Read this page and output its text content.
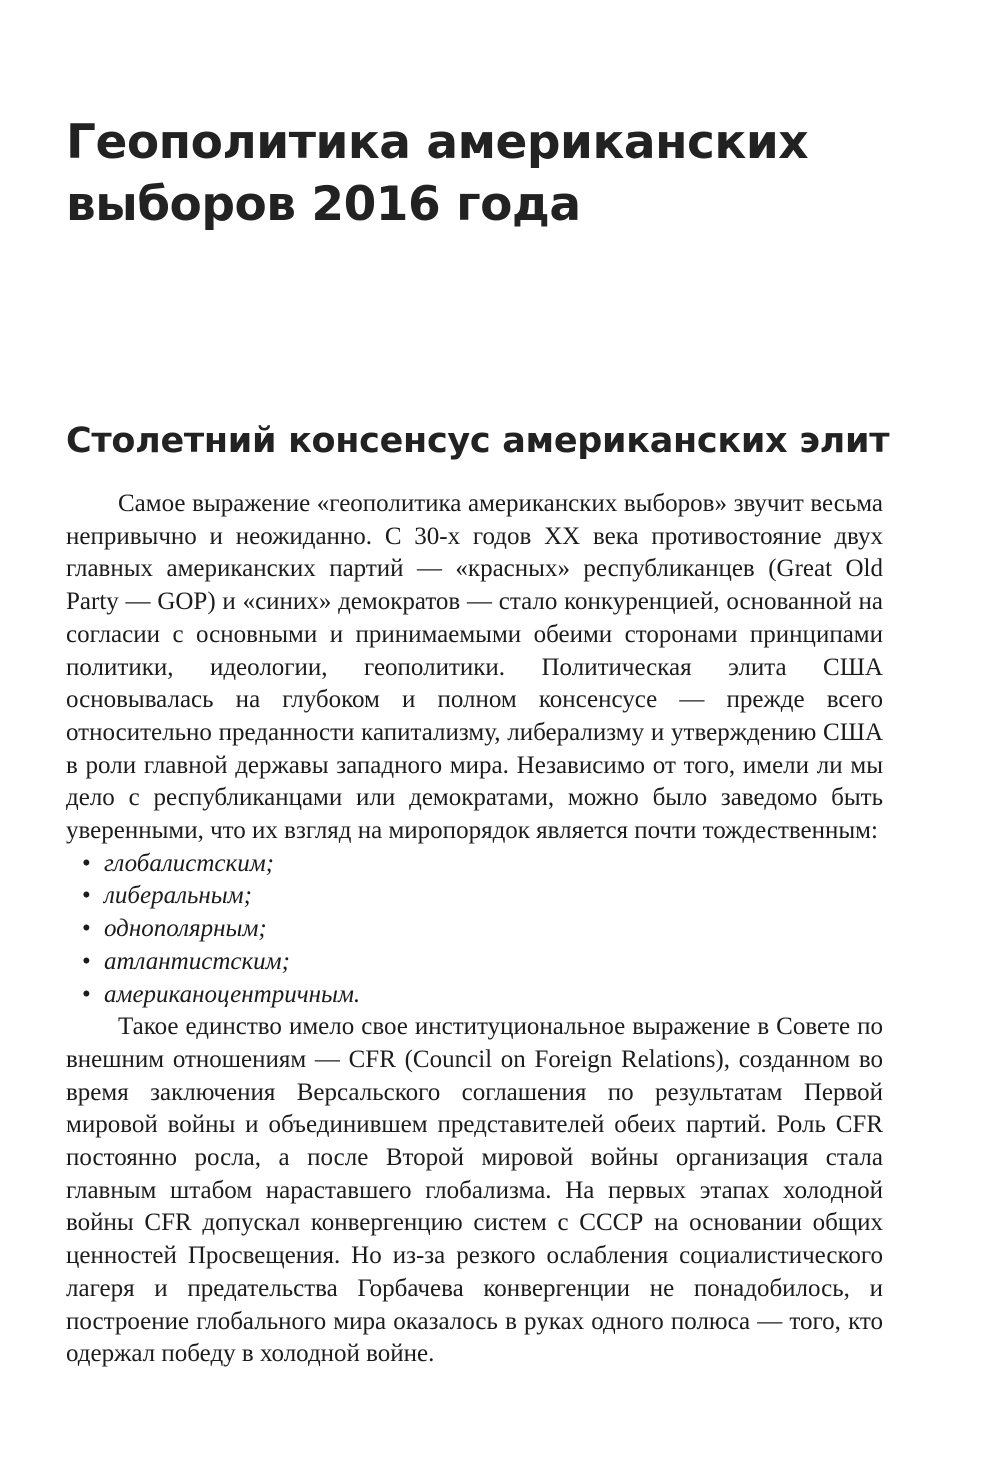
Геополитика американских
выборов 2016 года
Столетний консенсус американских элит

Самое выражение «геополитика американских выборов» звучит весьма непривычно и неожиданно. С 30-х годов XX века противостояние двух главных американских партий — «красных» республиканцев (Great Old Party — GOP) и «синих» демократов — стало конкуренцией, основанной на согласии с основными и принимаемыми обеими сторонами принципами политики, идеологии, геополитики. Политическая элита США основывалась на глубоком и полном консенсусе — прежде всего относительно преданности капитализму, либерализму и утверждению США в роли главной державы западного мира. Независимо от того, имели ли мы дело с республиканцами или демократами, можно было заведомо быть уверенными, что их взгляд на миропорядок является почти тождественным:

• глобалистским;
• либеральным;
• однополярным;
• атлантистским;
• американоцентричным.

Такое единство имело свое институциональное выражение в Совете по внешним отношениям — CFR (Council on Foreign Relations), созданном во время заключения Версальского соглашения по результатам Первой мировой войны и объединившем представителей обеих партий. Роль CFR постоянно росла, а после Второй мировой войны организация стала главным штабом нараставшего глобализма. На первых этапах холодной войны CFR допускал конвергенцию систем с СССР на основании общих ценностей Просвещения. Но из-за резкого ослабления социалистического лагеря и предательства Горбачева конвергенции не понадобилось, и построение глобального мира оказалось в руках одного полюса — того, кто одержал победу в холодной войне.
